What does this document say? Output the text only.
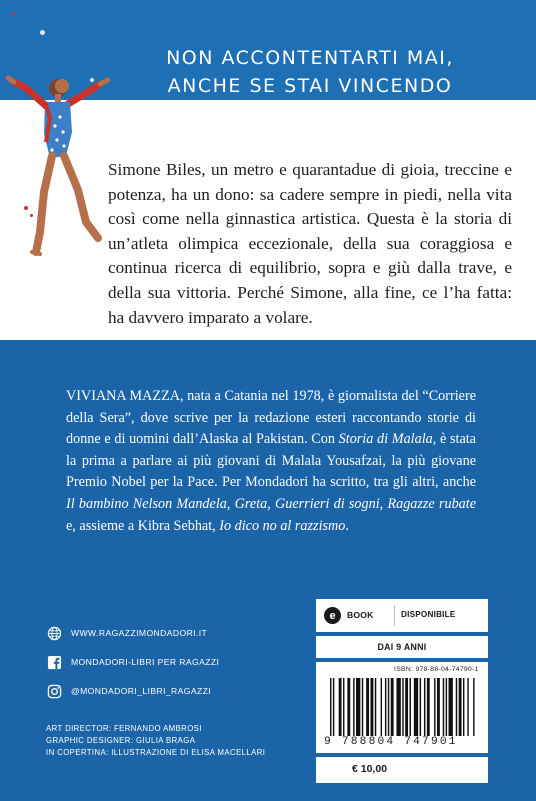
NON ACCONTENTARTI MAI,
ANCHE SE STAI VINCENDO

Simone Biles, un metro e quarantadue di gioia, treccine e potenza, ha un dono: sa cadere sempre in piedi, nella vita così come nella ginnastica artistica. Questa è la storia di un’atleta olimpica eccezionale, della sua coraggiosa e continua ricerca di equilibrio, sopra e giù dalla trave, e della sua vittoria. Perché Simone, alla fine, ce l’ha fatta: ha davvero imparato a volare.

VIVIANA MAZZA, nata a Catania nel 1978, è giornalista del “Corriere della Sera”, dove scrive per la redazione esteri raccontando storie di donne e di uomini dall’Alaska al Pakistan. Con Storia di Malala, è stata la prima a parlare ai più giovani di Malala Yousafzai, la più giovane Premio Nobel per la Pace. Per Mondadori ha scritto, tra gli altri, anche Il bambino Nelson Mandela, Greta, Guerrieri di sogni, Ragazze rubate e, assieme a Kibra Sebhat, Io dico no al razzismo.

WWW.RAGAZZIMONDADORI.IT
MONDADORI-LIBRI PER RAGAZZI
@MONDADORI_LIBRI_RAGAZZI
ART DIRECTOR: FERNANDO AMBROSI
GRAPHIC DESIGNER: GIULIA BRAGA
IN COPERTINA: ILLUSTRAZIONE DI ELISA MACELLARI
e	BOOK	DISPONIBILE
DAI 9 ANNI
ISBN: 978-88-04-74790-1
9 788804 747901
€ 10,00
